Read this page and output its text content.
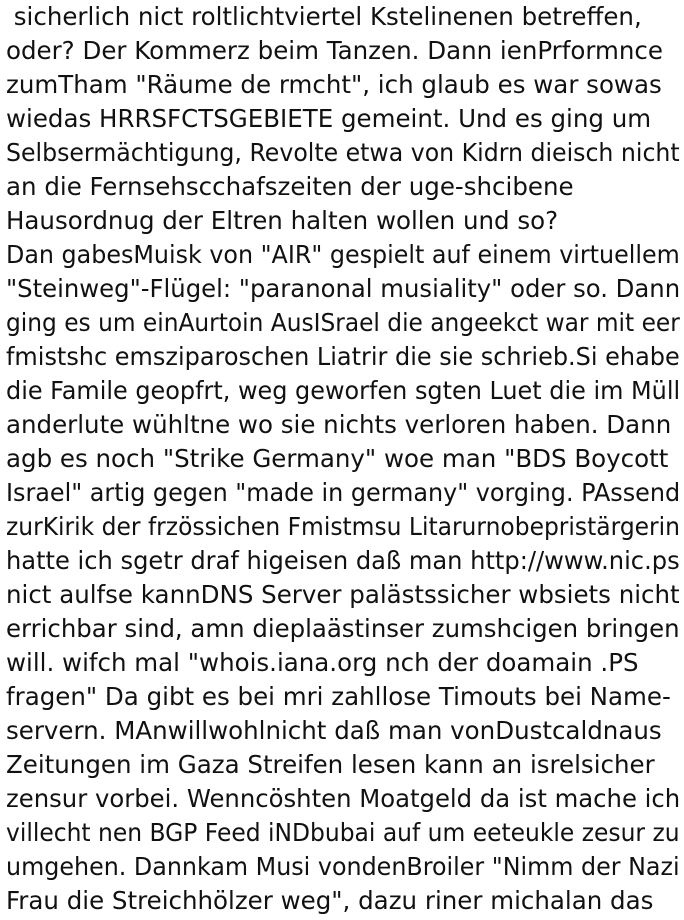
sicherlich nict roltlichtviertel Kstelinenen betreffen,

oder? Der Kommerz beim Tanzen. Dann ienPrformnce

zumTham "Räume de rmcht", ich glaub es war sowas

wiedas HRRSFCTSGEBIETE gemeint. Und es ging um

Selbsermächtigung, Revolte etwa von Kidrn dieisch nicht

an die Fernsehscchafszeiten der uge-shcibene

Hausordnug der Eltren halten wollen und so?

Dan gabesMuisk von "AIR" gespielt auf einem virtuellem

"Steinweg"-Flügel: "paranonal musiality" oder so. Dann

ging es um einAurtoin AusISrael die angeekct war mit eer

fmistshc emsziparoschen Liatrir die sie schrieb.Si ehabe

die Famile geopfrt, weg geworfen sgten Luet die im Müll

anderlute wühltne wo sie nichts verloren haben. Dann

agb es noch "Strike Germany" woe man "BDS Boycott

Israel" artig gegen "made in germany" vorging. PAssend

zurKirik der frzössichen Fmistmsu Litarurnobepristärgerin

hatte ich sgetr draf higeisen daß man http://www.nic.ps

nict aulfse kannDNS Server palästssicher wbsiets nicht

errichbar sind, amn dieplaästinser zumshcigen bringen

will. wifch mal "whois.iana.org nch der doamain .PS

fragen" Da gibt es bei mri zahllose Timouts bei Name-

servern. MAnwillwohlnicht daß man vonDustcaldnaus

Zeitungen im Gaza Streifen lesen kann an isrelsicher

zensur vorbei. Wenncöshten Moatgeld da ist mache ich

villecht nen BGP Feed iNDbubai auf um eeteukle zesur zu

umgehen. Dannkam Musi vondenBroiler "Nimm der Nazi

Frau die Streichhölzer weg", dazu riner michalan das
